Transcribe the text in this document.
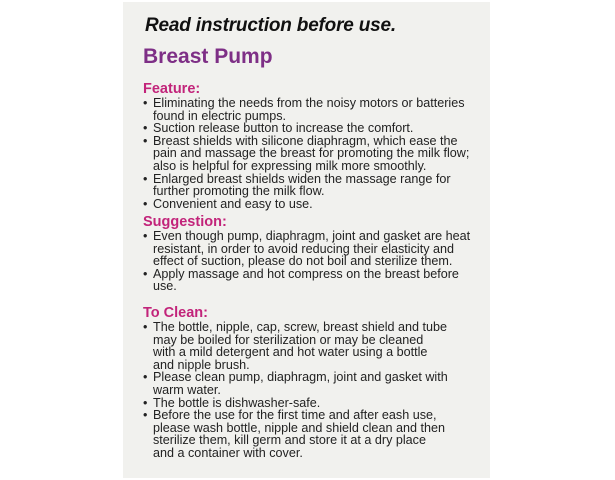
Read instruction before use.
Breast Pump
Feature:
• Eliminating the needs from the noisy motors or batteries
found in electric pumps.
• Suction release button to increase the comfort.
• Breast shields with silicone diaphragm, which ease the
pain and massage the breast for promoting the milk flow;
also is helpful for expressing milk more smoothly.
• Enlarged breast shields widen the massage range for
further promoting the milk flow.
• Convenient and easy to use.
Suggestion:
• Even though pump, diaphragm, joint and gasket are heat
resistant, in order to avoid reducing their elasticity and
effect of suction, please do not boil and sterilize them.
• Apply massage and hot compress on the breast before
use.
To Clean:
• The bottle, nipple, cap, screw, breast shield and tube
may be boiled for sterilization or may be cleaned
with a mild detergent and hot water using a bottle
and nipple brush.
• Please clean pump, diaphragm, joint and gasket with
warm water.
• The bottle is dishwasher-safe.
• Before the use for the first time and after eash use,
please wash bottle, nipple and shield clean and then
sterilize them, kill germ and store it at a dry place
and a container with cover.
